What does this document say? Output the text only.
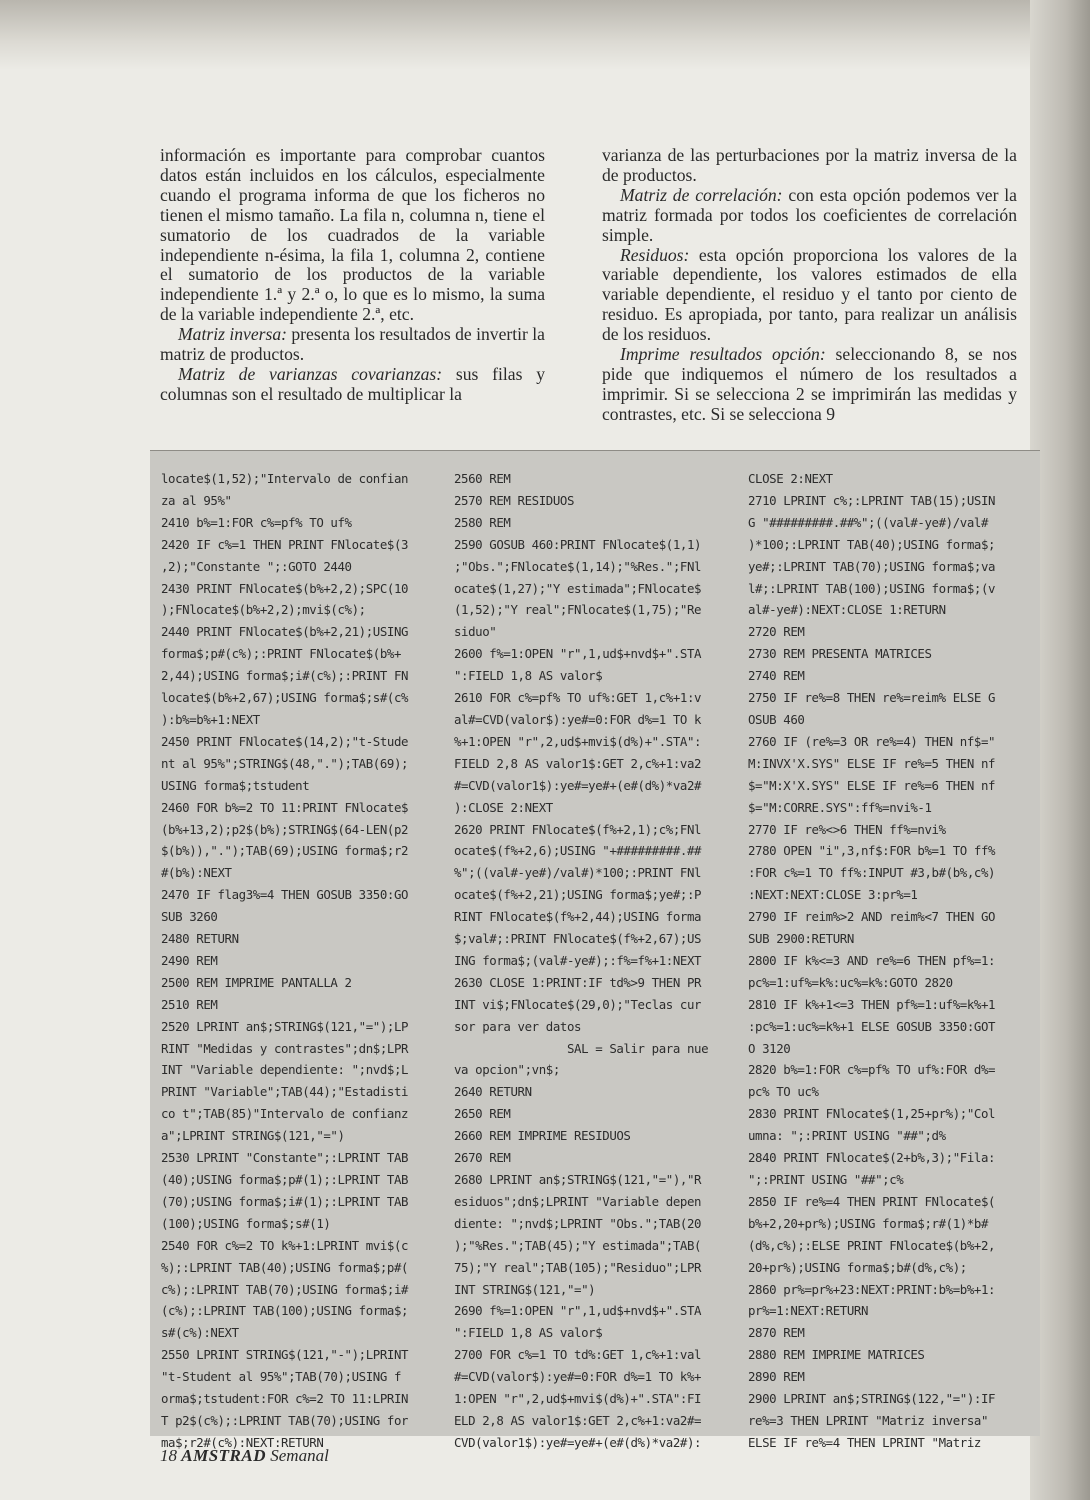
información es importante para comprobar cuantos datos están incluidos en los cálculos, especialmente cuando el programa informa de que los ficheros no tienen el mismo tamaño. La fila n, columna n, tiene el sumatorio de los cuadrados de la variable independiente n-ésima, la fila 1, columna 2, contiene el sumatorio de los productos de la variable independiente 1.ª y 2.ª o, lo que es lo mismo, la suma de la variable independiente 2.ª, etc.

Matriz inversa: presenta los resultados de invertir la matriz de productos.

Matriz de varianzas covarianzas: sus filas y columnas son el resultado de multiplicar la

varianza de las perturbaciones por la matriz inversa de la de productos.

Matriz de correlación: con esta opción podemos ver la matriz formada por todos los coeficientes de correlación simple.

Residuos: esta opción proporciona los valores de la variable dependiente, los valores estimados de ella variable dependiente, el residuo y el tanto por ciento de residuo. Es apropiada, por tanto, para realizar un análisis de los residuos.

Imprime resultados opción: seleccionando 8, se nos pide que indiquemos el número de los resultados a imprimir. Si se selecciona 2 se imprimirán las medidas y contrastes, etc. Si se selecciona 9

locate$(1,52);"Intervalo de confian
za al 95%"
2410 b%=1:FOR c%=pf% TO uf%
2420 IF c%=1 THEN PRINT FNlocate$(3
,2);"Constante ";:GOTO 2440
2430 PRINT FNlocate$(b%+2,2);SPC(10
);FNlocate$(b%+2,2);mvi$(c%);
2440 PRINT FNlocate$(b%+2,21);USING
forma$;p#(c%);:PRINT FNlocate$(b%+
2,44);USING forma$;i#(c%);:PRINT FN
locate$(b%+2,67);USING forma$;s#(c%
):b%=b%+1:NEXT
2450 PRINT FNlocate$(14,2);"t-Stude
nt al 95%";STRING$(48,".");TAB(69);
USING forma$;tstudent
2460 FOR b%=2 TO 11:PRINT FNlocate$
(b%+13,2);p2$(b%);STRING$(64-LEN(p2
$(b%)),".");TAB(69);USING forma$;r2
#(b%):NEXT
2470 IF flag3%=4 THEN GOSUB 3350:GO
SUB 3260
2480 RETURN
2490 REM
2500 REM IMPRIME PANTALLA 2
2510 REM
2520 LPRINT an$;STRING$(121,"=");LP
RINT "Medidas y contrastes";dn$;LPR
INT "Variable dependiente: ";nvd$;L
PRINT "Variable";TAB(44);"Estadisti
co t";TAB(85)"Intervalo de confianz
a";LPRINT STRING$(121,"=")
2530 LPRINT "Constante";:LPRINT TAB
(40);USING forma$;p#(1);:LPRINT TAB
(70);USING forma$;i#(1);:LPRINT TAB
(100);USING forma$;s#(1)
2540 FOR c%=2 TO k%+1:LPRINT mvi$(c
%);:LPRINT TAB(40);USING forma$;p#(
c%);:LPRINT TAB(70);USING forma$;i#
(c%);:LPRINT TAB(100);USING forma$;
s#(c%):NEXT
2550 LPRINT STRING$(121,"-");LPRINT
"t-Student al 95%";TAB(70);USING f
orma$;tstudent:FOR c%=2 TO 11:LPRIN
T p2$(c%);:LPRINT TAB(70);USING for
ma$;r2#(c%):NEXT:RETURN
2560 REM
2570 REM RESIDUOS
2580 REM
2590 GOSUB 460:PRINT FNlocate$(1,1)
;"Obs.";FNlocate$(1,14);"%Res.";FNl
ocate$(1,27);"Y estimada";FNlocate$
(1,52);"Y real";FNlocate$(1,75);"Re
siduo"
2600 f%=1:OPEN "r",1,ud$+nvd$+".STA
":FIELD 1,8 AS valor$
2610 FOR c%=pf% TO uf%:GET 1,c%+1:v
al#=CVD(valor$):ye#=0:FOR d%=1 TO k
%+1:OPEN "r",2,ud$+mvi$(d%)+".STA":
FIELD 2,8 AS valor1$:GET 2,c%+1:va2
#=CVD(valor1$):ye#=ye#+(e#(d%)*va2#
):CLOSE 2:NEXT
2620 PRINT FNlocate$(f%+2,1);c%;FNl
ocate$(f%+2,6);USING "+#########.##
%";((val#-ye#)/val#)*100;:PRINT FNl
ocate$(f%+2,21);USING forma$;ye#;:P
RINT FNlocate$(f%+2,44);USING forma
$;val#;:PRINT FNlocate$(f%+2,67);US
ING forma$;(val#-ye#);:f%=f%+1:NEXT
2630 CLOSE 1:PRINT:IF td%>9 THEN PR
INT vi$;FNlocate$(29,0);"Teclas cur
sor para ver datos
SAL = Salir para nue
va opcion";vn$;
2640 RETURN
2650 REM
2660 REM IMPRIME RESIDUOS
2670 REM
2680 LPRINT an$;STRING$(121,"="),"R
esiduos";dn$;LPRINT "Variable depen
diente: ";nvd$;LPRINT "Obs.";TAB(20
);"%Res.";TAB(45);"Y estimada";TAB(
75);"Y real";TAB(105);"Residuo";LPR
INT STRING$(121,"=")
2690 f%=1:OPEN "r",1,ud$+nvd$+".STA
":FIELD 1,8 AS valor$
2700 FOR c%=1 TO td%:GET 1,c%+1:val
#=CVD(valor$):ye#=0:FOR d%=1 TO k%+
1:OPEN "r",2,ud$+mvi$(d%)+".STA":FI
ELD 2,8 AS valor1$:GET 2,c%+1:va2#=
CVD(valor1$):ye#=ye#+(e#(d%)*va2#):
CLOSE 2:NEXT
2710 LPRINT c%;:LPRINT TAB(15);USIN
G "#########.##%";((val#-ye#)/val#
)*100;:LPRINT TAB(40);USING forma$;
ye#;:LPRINT TAB(70);USING forma$;va
l#;:LPRINT TAB(100);USING forma$;(v
al#-ye#):NEXT:CLOSE 1:RETURN
2720 REM
2730 REM PRESENTA MATRICES
2740 REM
2750 IF re%=8 THEN re%=reim% ELSE G
OSUB 460
2760 IF (re%=3 OR re%=4) THEN nf$="
M:INVX'X.SYS" ELSE IF re%=5 THEN nf
$="M:X'X.SYS" ELSE IF re%=6 THEN nf
$="M:CORRE.SYS":ff%=nvi%-1
2770 IF re%<>6 THEN ff%=nvi%
2780 OPEN "i",3,nf$:FOR b%=1 TO ff%
:FOR c%=1 TO ff%:INPUT #3,b#(b%,c%)
:NEXT:NEXT:CLOSE 3:pr%=1
2790 IF reim%>2 AND reim%<7 THEN GO
SUB 2900:RETURN
2800 IF k%<=3 AND re%=6 THEN pf%=1:
pc%=1:uf%=k%:uc%=k%:GOTO 2820
2810 IF k%+1<=3 THEN pf%=1:uf%=k%+1
:pc%=1:uc%=k%+1 ELSE GOSUB 3350:GOT
O 3120
2820 b%=1:FOR c%=pf% TO uf%:FOR d%=
pc% TO uc%
2830 PRINT FNlocate$(1,25+pr%);"Col
umna: ";:PRINT USING "##";d%
2840 PRINT FNlocate$(2+b%,3);"Fila:
";:PRINT USING "##";c%
2850 IF re%=4 THEN PRINT FNlocate$(
b%+2,20+pr%);USING forma$;r#(1)*b#
(d%,c%);:ELSE PRINT FNlocate$(b%+2,
20+pr%);USING forma$;b#(d%,c%);
2860 pr%=pr%+23:NEXT:PRINT:b%=b%+1:
pr%=1:NEXT:RETURN
2870 REM
2880 REM IMPRIME MATRICES
2890 REM
2900 LPRINT an$;STRING$(122,"="):IF
re%=3 THEN LPRINT "Matriz inversa"
ELSE IF re%=4 THEN LPRINT "Matriz
18 AMSTRAD Semanal
